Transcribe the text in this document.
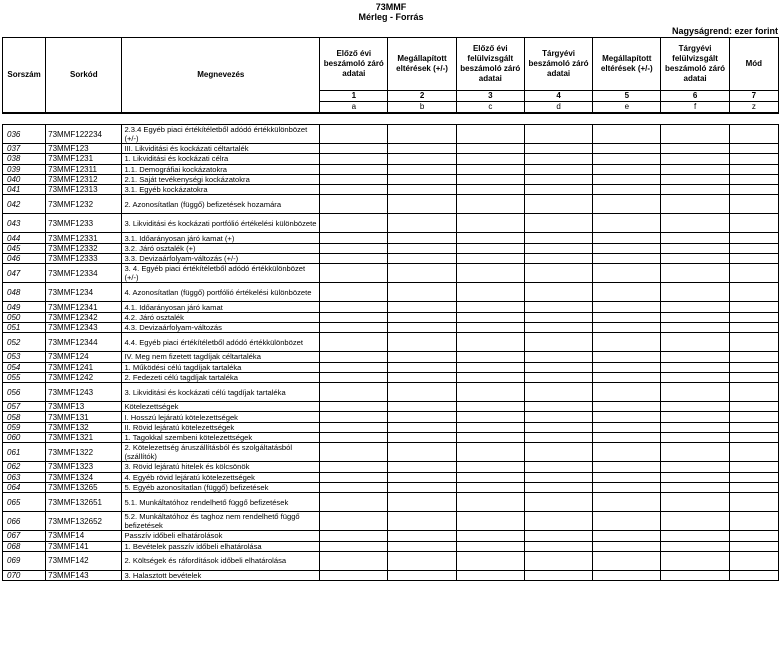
73MMF
Mérleg - Forrás
Nagyságrend: ezer forint
Sorszám	Sorkód	Megnevezés	Előző évi beszámoló záró adatai	Megállapított eltérések (+/-)	Előző évi felülvizsgált beszámoló záró adatai	Tárgyévi beszámoló záró adatai	Megállapított eltérések (+/-)	Tárgyévi felülvizsgált beszámoló záró adatai	Mód
			1	2	3	4	5	6	7
			a	b	c	d	e	f	z

036	73MMF122234	2.3.4 Egyéb piaci értékítéletből adódó értékkülönbözet (+/-)							
037	73MMF123	III. Likviditási és kockázati céltartalék							
038	73MMF1231	1. Likviditási és kockázati célra							
039	73MMF12311	1.1. Demográfiai kockázatokra							
040	73MMF12312	2.1. Saját tevékenységi kockázatokra							
041	73MMF12313	3.1. Egyéb kockázatokra							
042	73MMF1232	2. Azonosítatlan (függő) befizetések hozamára							
043	73MMF1233	3. Likviditási és kockázati portfólió értékelési különbözete							
044	73MMF12331	3.1. Időarányosan járó kamat (+)							
045	73MMF12332	3.2. Járó osztalék (+)							
046	73MMF12333	3.3. Devizaárfolyam-változás (+/-)							
047	73MMF12334	3. 4. Egyéb piaci értékítéletből adódó értékkülönbözet (+/-)							
048	73MMF1234	4. Azonosítatlan (függő) portfólió értékelési különbözete							
049	73MMF12341	4.1. Időarányosan járó kamat							
050	73MMF12342	4.2. Járó osztalék							
051	73MMF12343	4.3. Devizaárfolyam-változás							
052	73MMF12344	4.4. Egyéb piaci értékítéletből adódó értékkülönbözet							
053	73MMF124	IV. Meg nem fizetett tagdíjak céltartaléka							
054	73MMF1241	1. Működési célú tagdíjak tartaléka							
055	73MMF1242	2. Fedezeti célú tagdíjak tartaléka							
056	73MMF1243	3. Likviditási és kockázati célú tagdíjak tartaléka							
057	73MMF13	Kötelezettségek							
058	73MMF131	I. Hosszú lejáratú kötelezettségek							
059	73MMF132	II. Rövid lejáratú kötelezettségek							
060	73MMF1321	1. Tagokkal szembeni kötelezettségek							
061	73MMF1322	2. Kötelezettség áruszállításból és szolgáltatásból (szállítók)							
062	73MMF1323	3. Rövid lejáratú hitelek és kölcsönök							
063	73MMF1324	4. Egyéb rövid lejáratú kötelezettségek							
064	73MMF13265	5. Egyéb azonosítatlan (függő) befizetések							
065	73MMF132651	5.1. Munkáltatóhoz rendelhető függő befizetések							
066	73MMF132652	5.2. Munkáltatóhoz és taghoz nem rendelhető függő befizetések							
067	73MMF14	Passzív időbeli elhatárolások							
068	73MMF141	1. Bevételek passzív időbeli elhatárolása							
069	73MMF142	2. Költségek és ráfordítások időbeli elhatárolása							
070	73MMF143	3. Halasztott bevételek							
